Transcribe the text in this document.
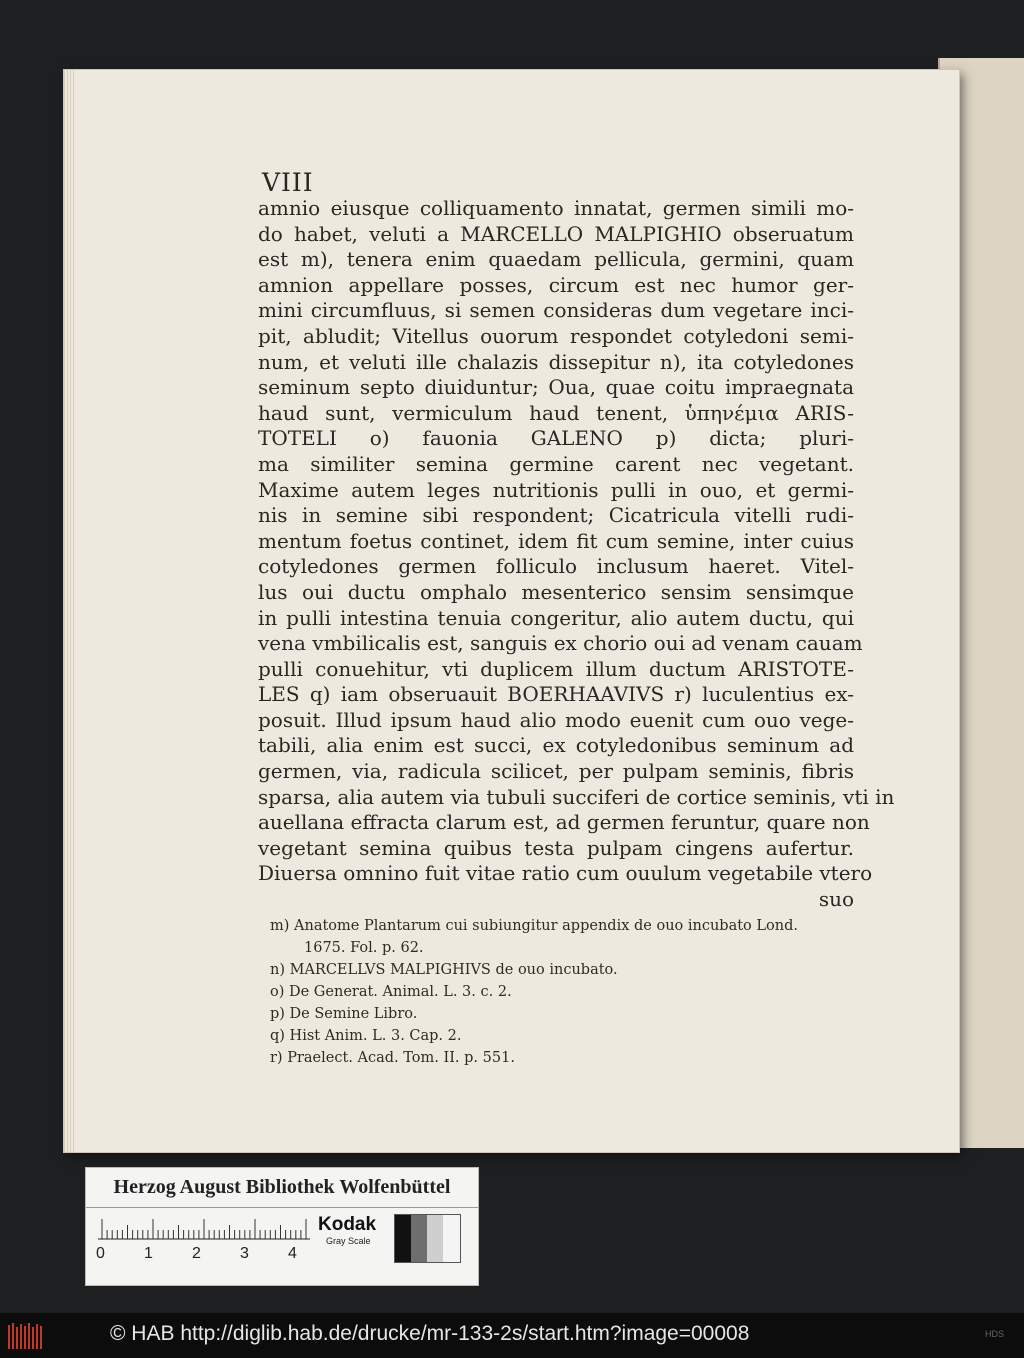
VIII
amnio eiusque colliquamento innatat, germen simili mo-
do habet, veluti a MARCELLO MALPIGHIO obseruatum
est m), tenera enim quaedam pellicula, germini, quam
amnion appellare posses, circum est nec humor ger-
mini circumfluus, si semen consideras dum vegetare inci-
pit, abludit; Vitellus ouorum respondet cotyledoni semi-
num, et veluti ille chalazis dissepitur n), ita cotyledones
seminum septo diuiduntur; Oua, quae coitu impraegnata
haud sunt, vermiculum haud tenent, ὑπηνέμια ARIS-
TOTELI o) fauonia GALENO p) dicta; pluri-
ma similiter semina germine carent nec vegetant.
Maxime autem leges nutritionis pulli in ouo, et germi-
nis in semine sibi respondent; Cicatricula vitelli rudi-
mentum foetus continet, idem fit cum semine, inter cuius
cotyledones germen folliculo inclusum haeret. Vitel-
lus oui ductu omphalo mesenterico sensim sensimque
in pulli intestina tenuia congeritur, alio autem ductu, qui
vena vmbilicalis est, sanguis ex chorio oui ad venam cauam
pulli conuehitur, vti duplicem illum ductum ARISTOTE-
LES q) iam obseruauit BOERHAAVIVS r) luculentius ex-
posuit. Illud ipsum haud alio modo euenit cum ouo vege-
tabili, alia enim est succi, ex cotyledonibus seminum ad
germen, via, radicula scilicet, per pulpam seminis, fibris
sparsa, alia autem via tubuli succiferi de cortice seminis, vti in
auellana effracta clarum est, ad germen feruntur, quare non
vegetant semina quibus testa pulpam cingens aufertur.
Diuersa omnino fuit vitae ratio cum ouulum vegetabile vtero
suo
m) Anatome Plantarum cui subiungitur appendix de ouo incubato Lond.
1675. Fol. p. 62.
n) MARCELLVS MALPIGHIVS de ouo incubato.
o) De Generat. Animal. L. 3. c. 2.
p) De Semine Libro.
q) Hist Anim. L. 3. Cap. 2.
r) Praelect. Acad. Tom. II. p. 551.
Herzog August Bibliothek Wolfenbüttel
0 1 2 3 4
Kodak
Gray Scale
© HAB http://diglib.hab.de/drucke/mr-133-2s/start.htm?image=00008	HDS
